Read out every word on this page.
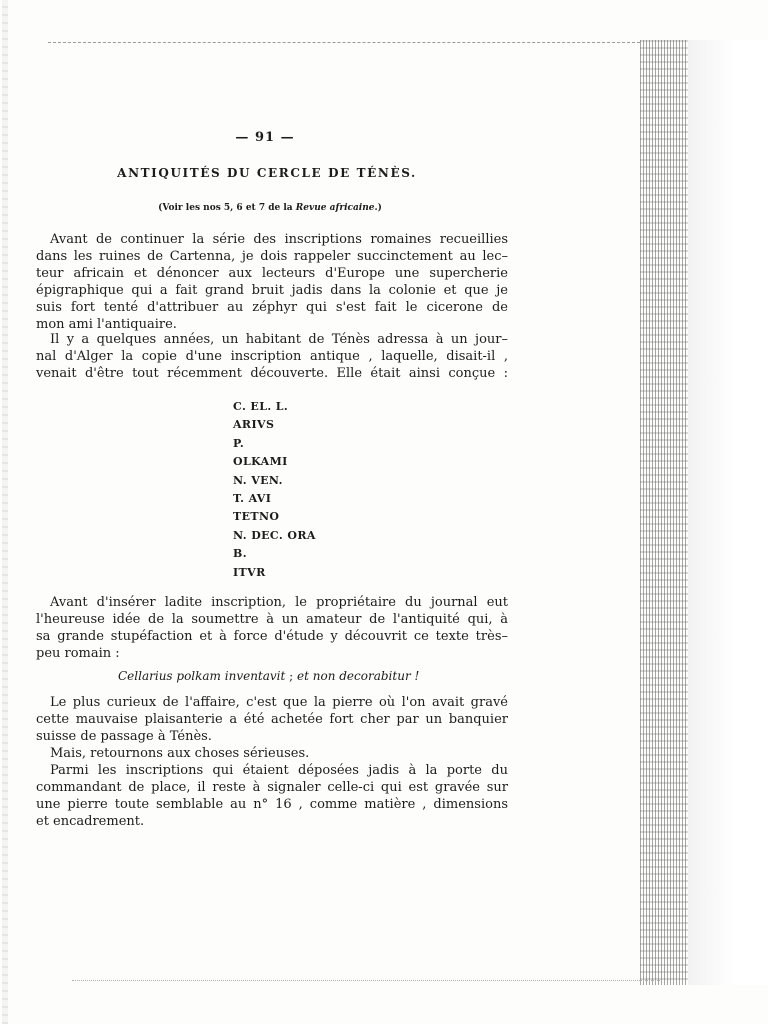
— 91 —
ANTIQUITÉS DU CERCLE DE TÉNÈS.
(Voir les nos 5, 6 et 7 de la Revue africaine.)
Avant de continuer la série des inscriptions romaines recueillies
dans les ruines de Cartenna, je dois rappeler succinctement au lec–
teur africain et dénoncer aux lecteurs d'Europe une supercherie
épigraphique qui a fait grand bruit jadis dans la colonie et que je
suis fort tenté d'attribuer au zéphyr qui s'est fait le cicerone de
mon ami l'antiquaire.
Il y a quelques années, un habitant de Ténès adressa à un jour–
nal d'Alger la copie d'une inscription antique , laquelle, disait-il ,
venait d'être tout récemment découverte. Elle était ainsi conçue :
C. EL. L.
ARIVS
P.
OLKAMI
N. VEN.
T. AVI
TETNO
N. DEC. ORA
B.
ITVR
Avant d'insérer ladite inscription, le propriétaire du journal eut
l'heureuse idée de la soumettre à un amateur de l'antiquité qui, à
sa grande stupéfaction et à force d'étude y découvrit ce texte très–
peu romain :
Cellarius polkam inventavit ; et non decorabitur !
Le plus curieux de l'affaire, c'est que la pierre où l'on avait gravé
cette mauvaise plaisanterie a été achetée fort cher par un banquier
suisse de passage à Ténès.
Mais, retournons aux choses sérieuses.
Parmi les inscriptions qui étaient déposées jadis à la porte du
commandant de place, il reste à signaler celle-ci qui est gravée sur
une pierre toute semblable au n° 16 , comme matière , dimensions
et encadrement.
